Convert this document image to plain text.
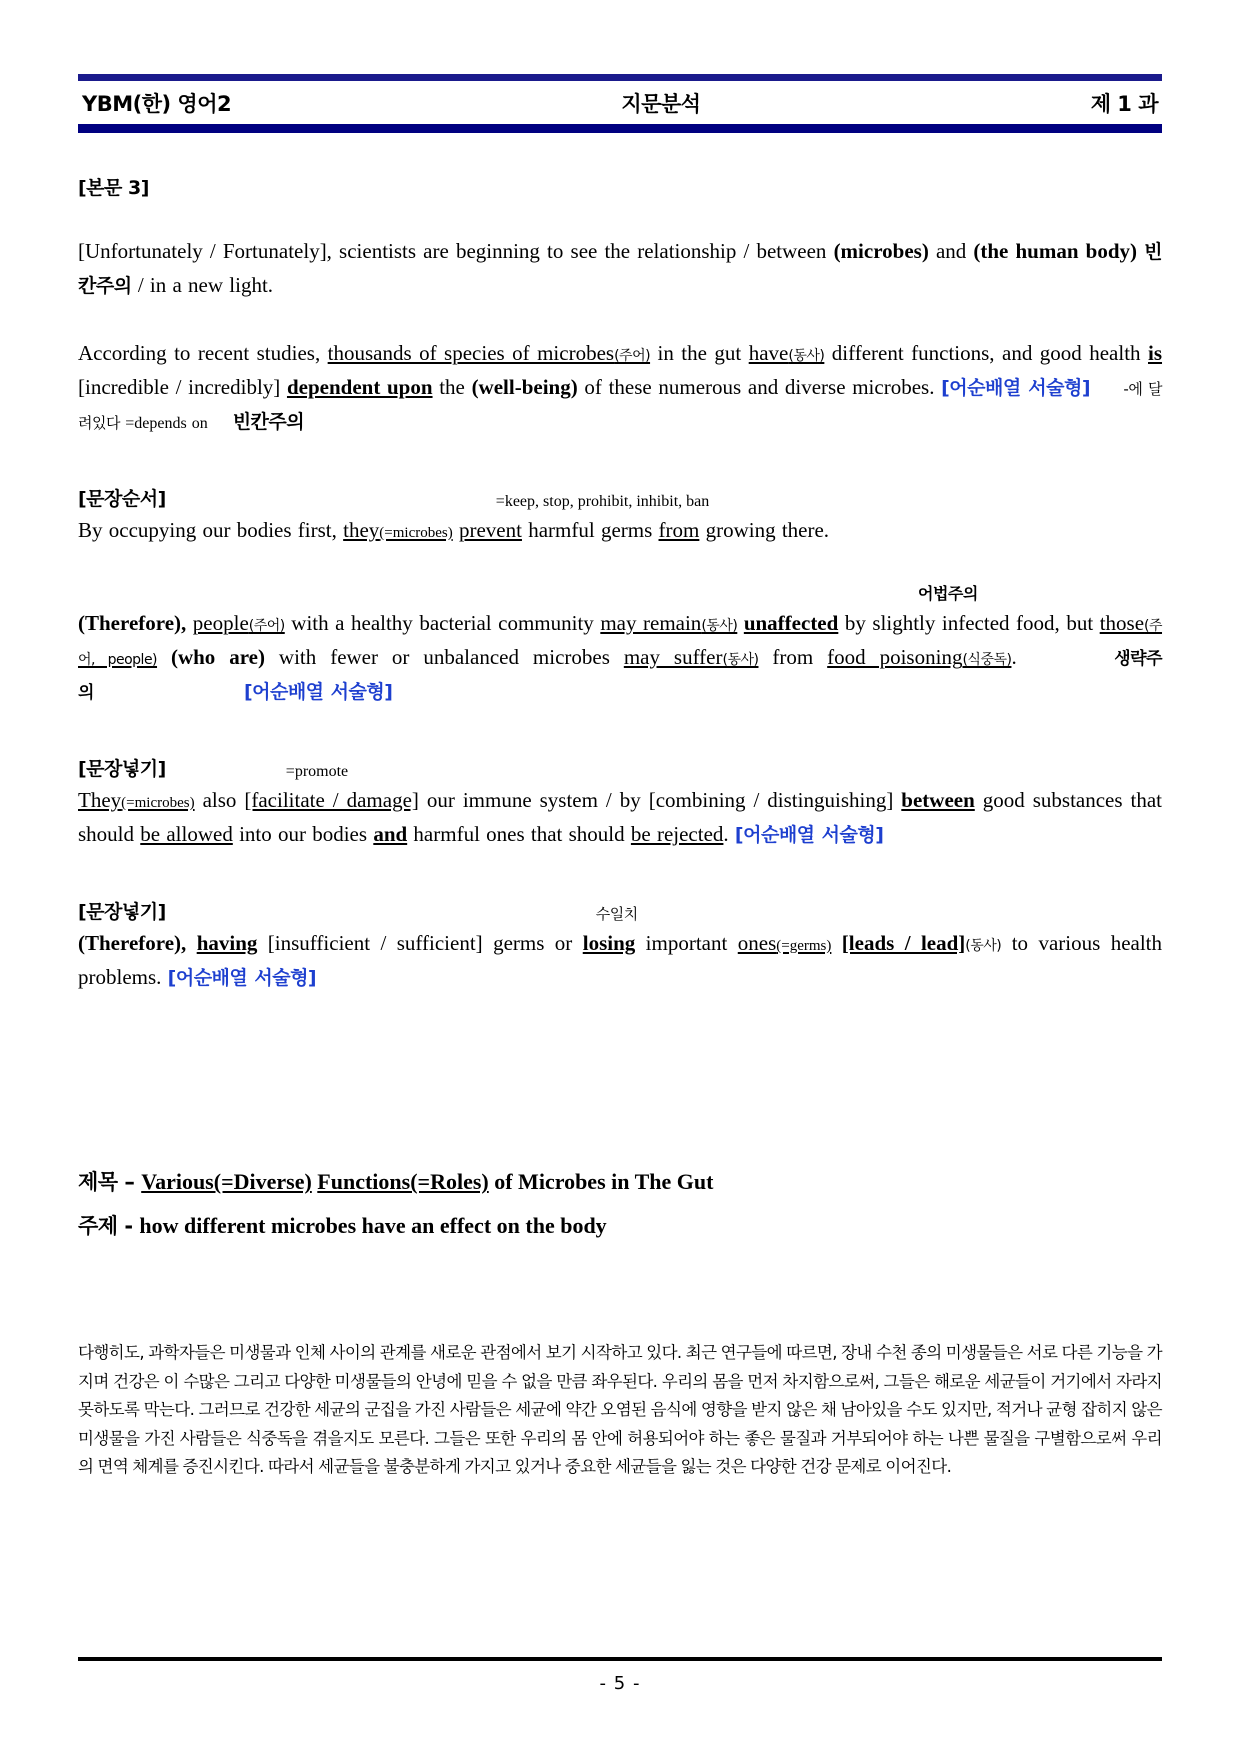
YBM(한) 영어2	지문분석	제 1 과
[본문 3]

[Unfortunately / Fortunately], scientists are beginning to see the relationship / between (microbes) and (the human body) 빈칸주의 / in a new light.

According to recent studies, thousands of species of microbes(주어) in the gut have(동사) different functions, and good health is [incredible / incredibly] dependent upon the (well-being) of these numerous and diverse microbes. [어순배열 서술형] -에 달려있다 =depends on 빈칸주의

[문장순서]	=keep, stop, prohibit, inhibit, ban

By occupying our bodies first, they(=microbes) prevent harmful germs from growing there.

어법주의

(Therefore), people(주어) with a healthy bacterial community may remain(동사) unaffected by slightly infected food, but those(주어, people) (who are) with fewer or unbalanced microbes may suffer(동사) from food poisoning(식중독).	생략주의	[어순배열 서술형]

[문장넣기]	=promote

They(=microbes) also [facilitate / damage] our immune system / by [combining / distinguishing] between good substances that should be allowed into our bodies and harmful ones that should be rejected. [어순배열 서술형]

[문장넣기]	수일치

(Therefore), having [insufficient / sufficient] germs or losing important ones(=germs) [leads / lead](동사) to various health problems. [어순배열 서술형]

제목 – Various(=Diverse) Functions(=Roles) of Microbes in The Gut
주제 - how different microbes have an effect on the body
다행히도, 과학자들은 미생물과 인체 사이의 관계를 새로운 관점에서 보기 시작하고 있다. 최근 연구들에 따르면, 장내 수천 종의 미생물들은 서로 다른 기능을 가지며 건강은 이 수많은 그리고 다양한 미생물들의 안녕에 믿을 수 없을 만큼 좌우된다. 우리의 몸을 먼저 차지함으로써, 그들은 해로운 세균들이 거기에서 자라지 못하도록 막는다. 그러므로 건강한 세균의 군집을 가진 사람들은 세균에 약간 오염된 음식에 영향을 받지 않은 채 남아있을 수도 있지만, 적거나 균형 잡히지 않은 미생물을 가진 사람들은 식중독을 겪을지도 모른다. 그들은 또한 우리의 몸 안에 허용되어야 하는 좋은 물질과 거부되어야 하는 나쁜 물질을 구별함으로써 우리의 면역 체계를 증진시킨다. 따라서 세균들을 불충분하게 가지고 있거나 중요한 세균들을 잃는 것은 다양한 건강 문제로 이어진다.
- 5 -
